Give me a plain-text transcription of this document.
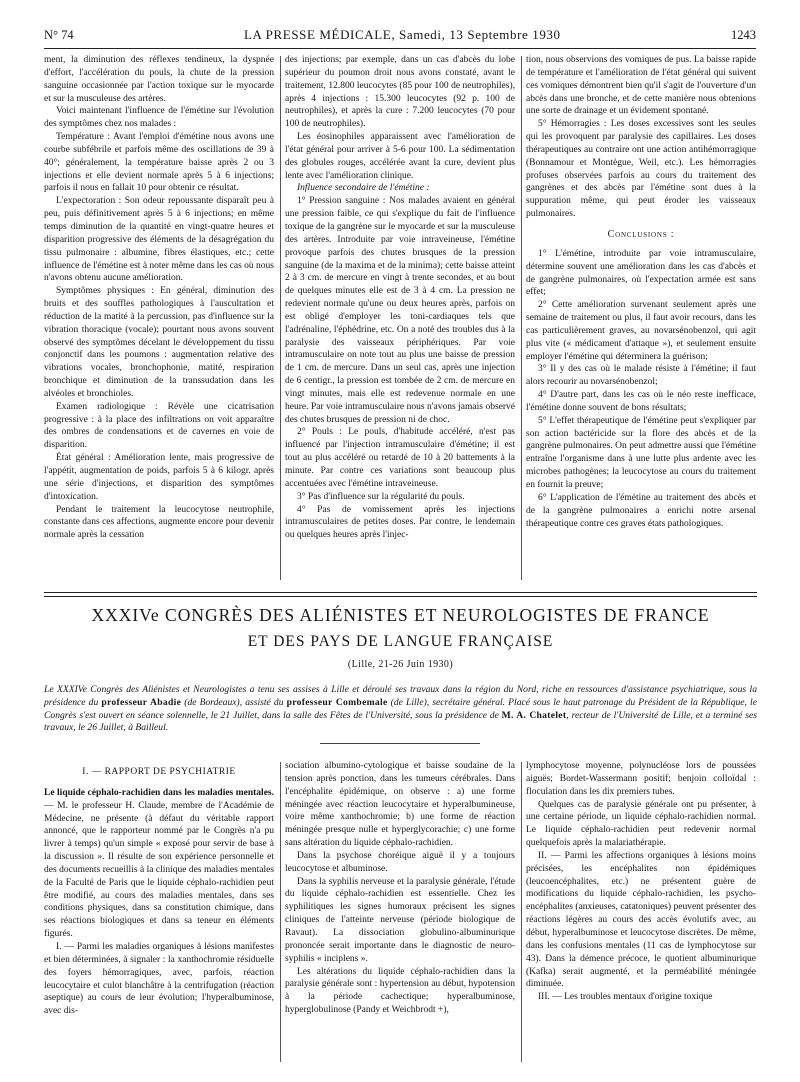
N° 74	LA PRESSE MÉDICALE, Samedi, 13 Septembre 1930	1243

ment, la diminution des réflexes tendineux, la dyspnée d'effort, l'accélération du pouls, la chute de la pression sanguine occasionnée par l'action toxique sur le myocarde et sur la musculeuse des artères.

Voici maintenant l'influence de l'émétine sur l'évolution des symptômes chez nos malades :

Température : Avant l'emploi d'émétine nous avons une courbe subfébrile et parfois même des oscillations de 39 à 40°; généralement, la température baisse après 2 ou 3 injections et elle devient normale après 5 à 6 injections; parfois il nous en fallait 10 pour obtenir ce résultat.

L'expectoration : Son odeur repoussante disparaît peu à peu, puis définitivement après 5 à 6 injections; en même temps diminution de la quantité en vingt-quatre heures et disparition progressive des éléments de la désagrégation du tissu pulmonaire : albumine, fibres élastiques, etc.; cette influence de l'émétine est à noter même dans les cas où nous n'avons obtenu aucune amélioration.

Symptômes physiques : En général, diminution des bruits et des souffles pathologiques à l'auscultation et réduction de la matité à la percussion, pas d'influence sur la vibration thoracique (vocale); pourtant nous avons souvent observé des symptômes décelant le développement du tissu conjonctif dans les poumons : augmentation relative des vibrations vocales, bronchophonie, matité, respiration bronchique et diminution de la transsudation dans les alvéoles et bronchioles.

Examen radiologique : Révèle une cicatrisation progressive : à la place des infiltrations on voit apparaître des ombres de condensations et de cavernes en voie de disparition.

État général : Amélioration lente, mais progressive de l'appétit, augmentation de poids, parfois 5 à 6 kilogr. après une série d'injections, et disparition des symptômes d'intoxication.

Pendant le traitement la leucocytose neutrophile, constante dans ces affections, augmente encore pour devenir normale après la cessation

des injections; par exemple, dans un cas d'abcès du lobe supérieur du poumon droit nous avons constaté, avant le traitement, 12.800 leucocytes (85 pour 100 de neutrophiles), après 4 injections : 15.300 leucocytes (92 p. 100 de neutrophiles), et après la cure : 7.200 leucocytes (70 pour 100 de neutrophiles).

Les éosinophiles apparaissent avec l'amélioration de l'état général pour arriver à 5-6 pour 100. La sédimentation des globules rouges, accélérée avant la cure, devient plus lente avec l'amélioration clinique.

Influence secondaire de l'émétine :

1° Pression sanguine : Nos malades avaient en général une pression faible, ce qui s'explique du fait de l'influence toxique de la gangrène sur le myocarde et sur la musculeuse des artères. Introduite par voie intraveineuse, l'émétine provoque parfois des chutes brusques de la pression sanguine (de la maxima et de la minima); cette baisse atteint 2 à 3 cm. de mercure en vingt à trente secondes, et au bout de quelques minutes elle est de 3 à 4 cm. La pression ne redevient normale qu'une ou deux heures après, parfois on est obligé d'employer les toni-cardiaques tels que l'adrénaline, l'éphédrine, etc. On a noté des troubles dus à la paralysie des vaisseaux périphériques. Par voie intramusculaire on note tout au plus une baisse de pression de 1 cm. de mercure. Dans un seul cas, après une injection de 6 centigr., la pression est tombée de 2 cm. de mercure en vingt minutes, mais elle est redevenue normale en une heure. Par voie intramusculaire nous n'avons jamais observé des chutes brusques de pression ni de choc.

2° Pouls : Le pouls, d'habitude accéléré, n'est pas influencé par l'injection intramusculaire d'émétine; il est tout au plus accéléré ou retardé de 10 à 20 battements à la minute. Par contre ces variations sont beaucoup plus accentuées avec l'émétine intraveineuse.

3° Pas d'influence sur la régularité du pouls.

4° Pas de vomissement après les injections intramusculaires de petites doses. Par contre, le lendemain ou quelques heures après l'injec-

tion, nous observions des vomiques de pus. La baisse rapide de température et l'amélioration de l'état général qui suivent ces vomiques démontrent bien qu'il s'agit de l'ouverture d'un abcès dans une bronche, et de cette manière nous obtenions une sorte de drainage et un évidement spontané.

5° Hémorragies : Les doses excessives sont les seules qui les provoquent par paralysie des capillaires. Les doses thérapeutiques au contraire ont une action antihémorragique (Bonnamour et Montègue, Weil, etc.). Les hémorragies profuses observées parfois au cours du traitement des gangrènes et des abcès par l'émétine sont dues à la suppuration même, qui peut éroder les vaisseaux pulmonaires.

Conclusions :

1° L'émétine, introduite par voie intramusculaire, détermine souvent une amélioration dans les cas d'abcès et de gangrène pulmonaires, où l'expectation armée est sans effet;

2° Cette amélioration survenant seulement après une semaine de traitement ou plus, il faut avoir recours, dans les cas particulièrement graves, au novarsénobenzol, qui agit plus vite (« médicament d'attaque »), et seulement ensuite employer l'émétine qui déterminera la guérison;

3° Il y des cas où le malade résiste à l'émétine; il faut alors recourir au novarsénobenzol;

4° D'autre part, dans les cas où le néo reste inefficace, l'émétine donne souvent de bons résultats;

5° L'effet thérapeutique de l'émétine peut s'expliquer par son action bactéricide sur la flore des abcès et de la gangrène pulmonaires. On peut admettre aussi que l'émétine entraîne l'organisme dans à une lutte plus ardente avec les microbes pathogènes; la leucocytose au cours du traitement en fournit la preuve;

6° L'application de l'émétine au traitement des abcès et de la gangrène pulmonaires a enrichi notre arsenal thérapeutique contre ces graves états pathologiques.

XXXIVe CONGRÈS DES ALIÉNISTES ET NEUROLOGISTES DE FRANCE
ET DES PAYS DE LANGUE FRANÇAISE
(Lille, 21-26 Juin 1930)
Le XXXIVe Congrès des Aliénistes et Neurologistes a tenu ses assises à Lille et déroulé ses travaux dans la région du Nord, riche en ressources d'assistance psychiatrique, sous la présidence du professeur Abadie (de Bordeaux), assisté du professeur Combemale (de Lille), secrétaire général. Placé sous le haut patronage du Président de la République, le Congrès s'est ouvert en séance solennelle, le 21 Juillet, dans la salle des Fêtes de l'Université, sous la présidence de M. A. Chatelet, recteur de l'Université de Lille, et a terminé ses travaux, le 26 Juillet, à Bailleul.

I. — RAPPORT DE PSYCHIATRIE

Le liquide céphalo-rachidien dans les maladies mentales. — M. le professeur H. Claude, membre de l'Académie de Médecine, ne présente (à défaut du véritable rapport annoncé, que le rapporteur nommé par le Congrès n'a pu livrer à temps) qu'un simple « exposé pour servir de base à la discussion ». Il résulte de son expérience personnelle et des documents recueillis à la clinique des maladies mentales de la Faculté de Paris que le liquide céphalo-rachidien peut être modifié, au cours des maladies mentales, dans ses conditions physiques, dans sa constitution chimique, dans ses réactions biologiques et dans sa teneur en éléments figurés.

I. — Parmi les maladies organiques à lésions manifestes et bien déterminées, à signaler : la xanthochromie résiduelle des foyers hémorragiques, avec, parfois, réaction leucocytaire et culot blanchâtre à la centrifugation (réaction aseptique) au cours de leur évolution; l'hyperalbuminose, avec dis-

sociation albumino-cytologique et baisse soudaine de la tension après ponction, dans les tumeurs cérébrales. Dans l'encéphalite épidémique, on observe : a) une forme méningée avec réaction leucocytaire et hyperalbumineuse, voire même xanthochromie; b) une forme de réaction méningée presque nulle et hyperglycorachie; c) une forme sans altération du liquide céphalo-rachidien.

Dans la psychose choréique aiguë il y a toujours leucocytose et albuminose.

Dans la syphilis nerveuse et la paralysie générale, l'étude du liquide céphalo-rachidien est essentielle. Chez les syphilitiques les signes humoraux précisent les signes cliniques de l'atteinte nerveuse (période biologique de Ravaut). La dissociation globulino-albuminurique prononcée serait importante dans le diagnostic de neuro-syphilis « inciplens ».

Les altérations du liquide céphalo-rachidien dans la paralysie générale sont : hypertension au début, hypotension à la période cachectique; hyperalbuminose, hyperglobulinose (Pandy et Weichbrodt +),

lymphocytose moyenne, polynucléose lors de poussées aiguës; Bordet-Wassermann positif; benjoin colloïdal : floculation dans les dix premiers tubes.

Quelques cas de paralysie générale ont pu présenter, à une certaine période, un liquide céphalo-rachidien normal. Le liquide céphalo-rachidien peut redevenir normal quelquefois après la malariathérapie.

II. — Parmi les affections organiques à lésions moins précisées, les encéphalites non épidémiques (leucoencéphalites, etc.) ne présentent guère de modifications du liquide céphalo-rachidien, les psycho-encéphalites (anxieuses, catatoniques) peuvent présenter des réactions légères au cours des accès évolutifs avec, au début, hyperalbuminose et leucocytose discrètes. De même, dans les confusions mentales (11 cas de lymphocytose sur 43). Dans la démence précoce, le quotient albuminurique (Kafka) serait augmenté, et la perméabilité méningée diminuée.

III. — Les troubles mentaux d'origine toxique
